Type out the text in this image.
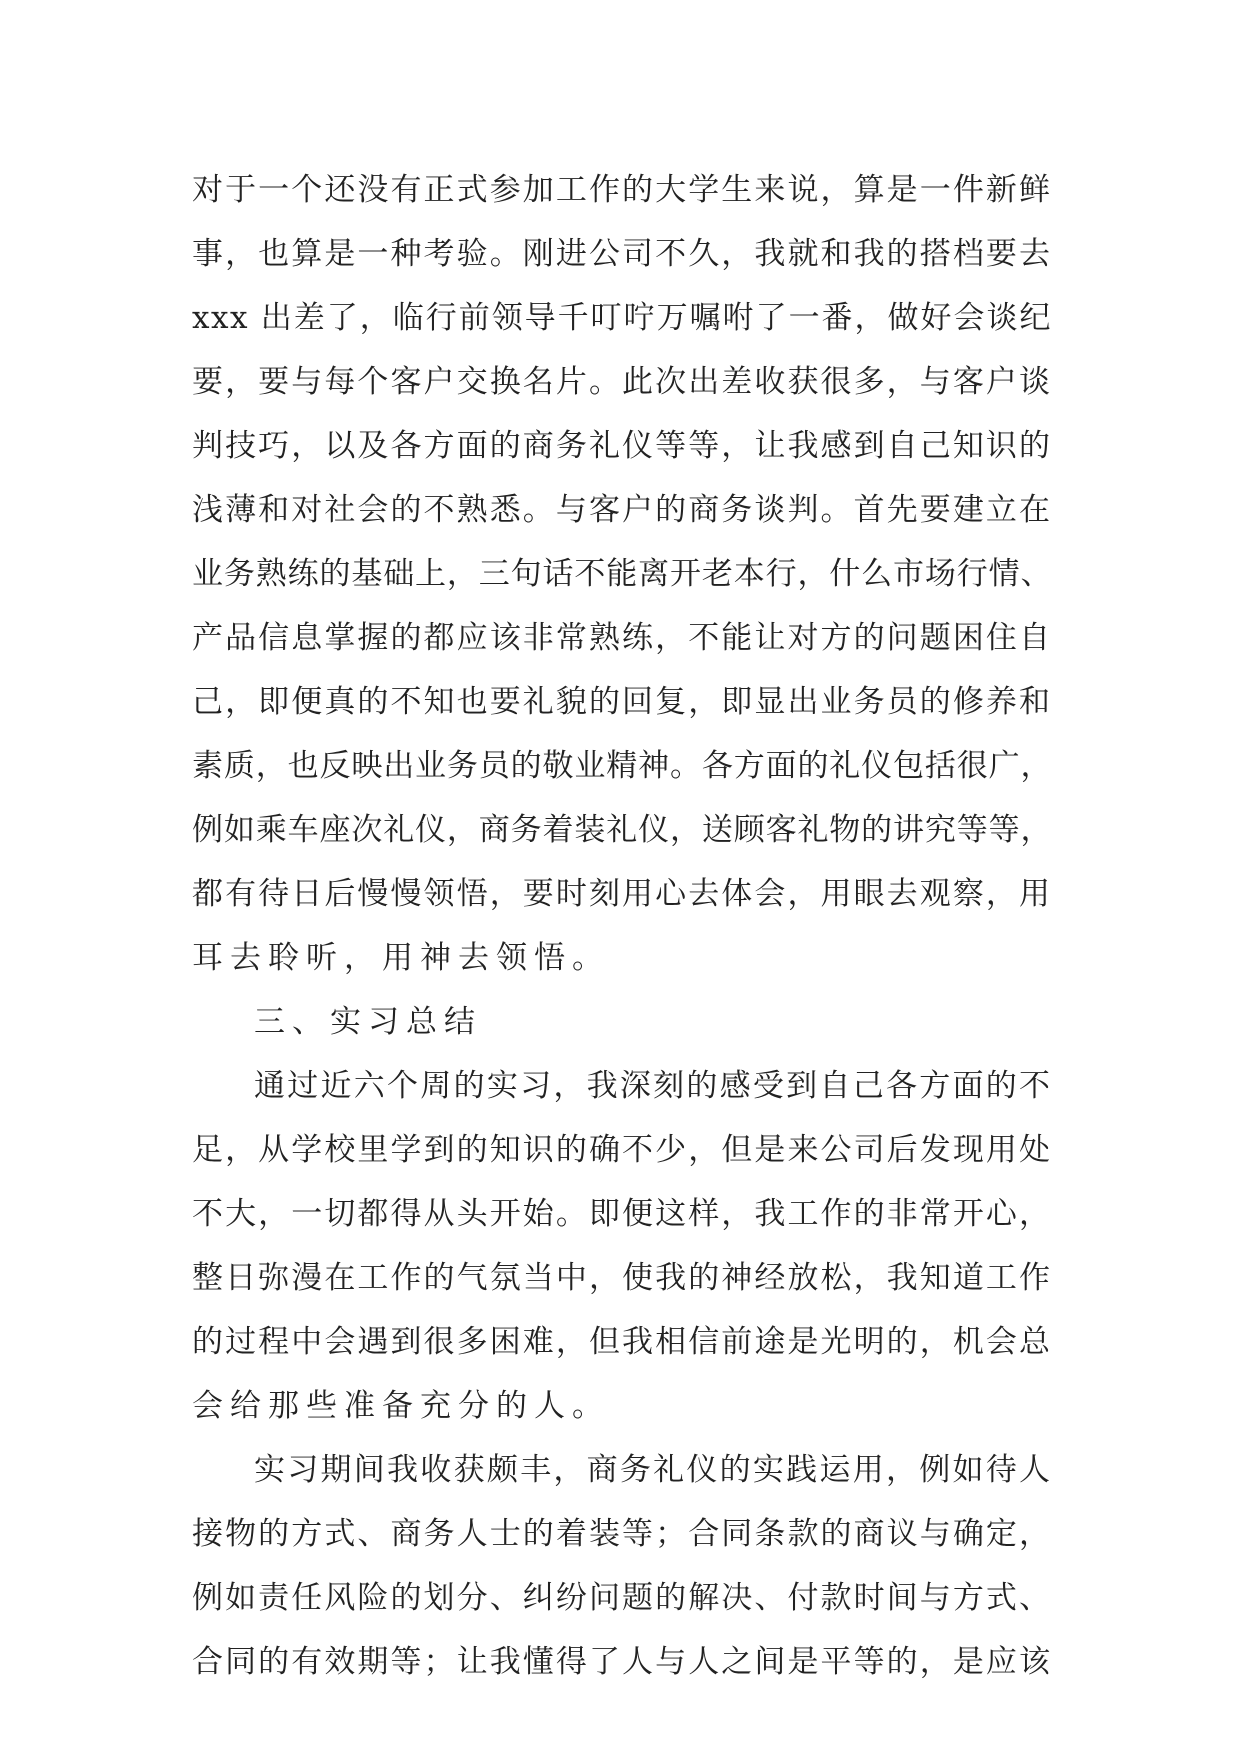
对于一个还没有正式参加工作的大学生来说，算是一件新鲜
事，也算是一种考验。刚进公司不久，我就和我的搭档要去
xxx 出差了，临行前领导千叮咛万嘱咐了一番，做好会谈纪
要，要与每个客户交换名片。此次出差收获很多，与客户谈
判技巧，以及各方面的商务礼仪等等，让我感到自己知识的
浅薄和对社会的不熟悉。与客户的商务谈判。首先要建立在
业务熟练的基础上，三句话不能离开老本行，什么市场行情、
产品信息掌握的都应该非常熟练，不能让对方的问题困住自
己，即便真的不知也要礼貌的回复，即显出业务员的修养和
素质，也反映出业务员的敬业精神。各方面的礼仪包括很广，
例如乘车座次礼仪，商务着装礼仪，送顾客礼物的讲究等等，
都有待日后慢慢领悟，要时刻用心去体会，用眼去观察，用
耳去聆听，用神去领悟。
三、实习总结
通过近六个周的实习，我深刻的感受到自己各方面的不
足，从学校里学到的知识的确不少，但是来公司后发现用处
不大，一切都得从头开始。即便这样，我工作的非常开心，
整日弥漫在工作的气氛当中，使我的神经放松，我知道工作
的过程中会遇到很多困难，但我相信前途是光明的，机会总
会给那些准备充分的人。
实习期间我收获颇丰，商务礼仪的实践运用，例如待人
接物的方式、商务人士的着装等；合同条款的商议与确定，
例如责任风险的划分、纠纷问题的解决、付款时间与方式、
合同的有效期等；让我懂得了人与人之间是平等的，是应该
